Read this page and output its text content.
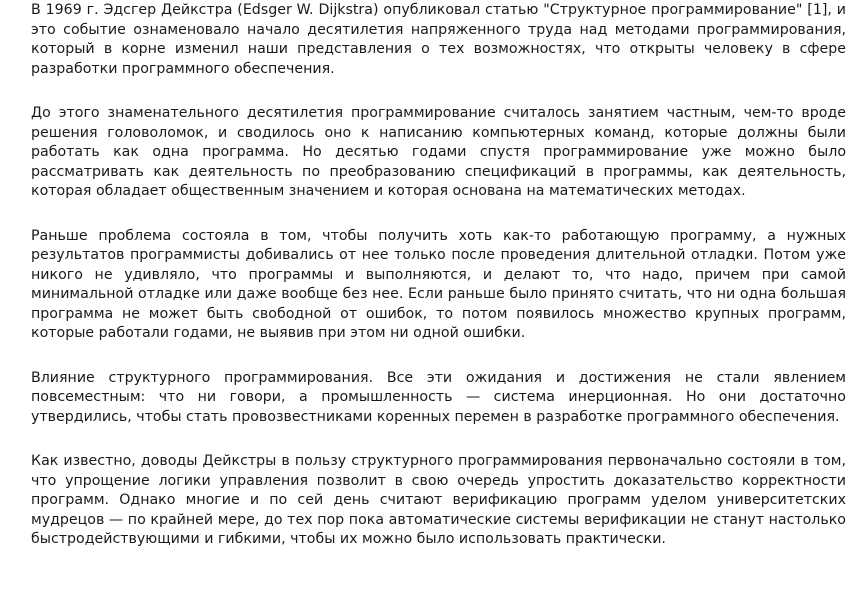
В 1969 г. Эдсгер Дейкстра (Edsger W. Dijkstra) опубликовал статью "Структурное программирование" [1], и это событие ознаменовало начало десятилетия напряженного труда над методами программирования, который в корне изменил наши представления о тех возможностях, что открыты человеку в сфере разработки программного обеспечения.

До этого знаменательного десятилетия программирование считалось занятием частным, чем-то вроде решения головоломок, и сводилось оно к написанию компьютерных команд, которые должны были работать как одна программа. Но десятью годами спустя программирование уже можно было рассматривать как деятельность по преобразованию спецификаций в программы, как деятельность, которая обладает общественным значением и которая основана на математических методах.

Раньше проблема состояла в том, чтобы получить хоть как-то работающую программу, а нужных результатов программисты добивались от нее только после проведения длительной отладки. Потом уже никого не удивляло, что программы и выполняются, и делают то, что надо, причем при самой минимальной отладке или даже вообще без нее. Если раньше было принято считать, что ни одна большая программа не может быть свободной от ошибок, то потом появилось множество крупных программ, которые работали годами, не выявив при этом ни одной ошибки.

Влияние структурного программирования. Все эти ожидания и достижения не стали явлением повсеместным: что ни говори, а промышленность — система инерционная. Но они достаточно утвердились, чтобы стать провозвестниками коренных перемен в разработке программного обеспечения.

Как известно, доводы Дейкстры в пользу структурного программирования первоначально состояли в том, что упрощение логики управления позволит в свою очередь упростить доказательство корректности программ. Однако многие и по сей день считают верификацию программ уделом университетских мудрецов — по крайней мере, до тех пор пока автоматические системы верификации не станут настолько быстродействующими и гибкими, чтобы их можно было использовать практически.
